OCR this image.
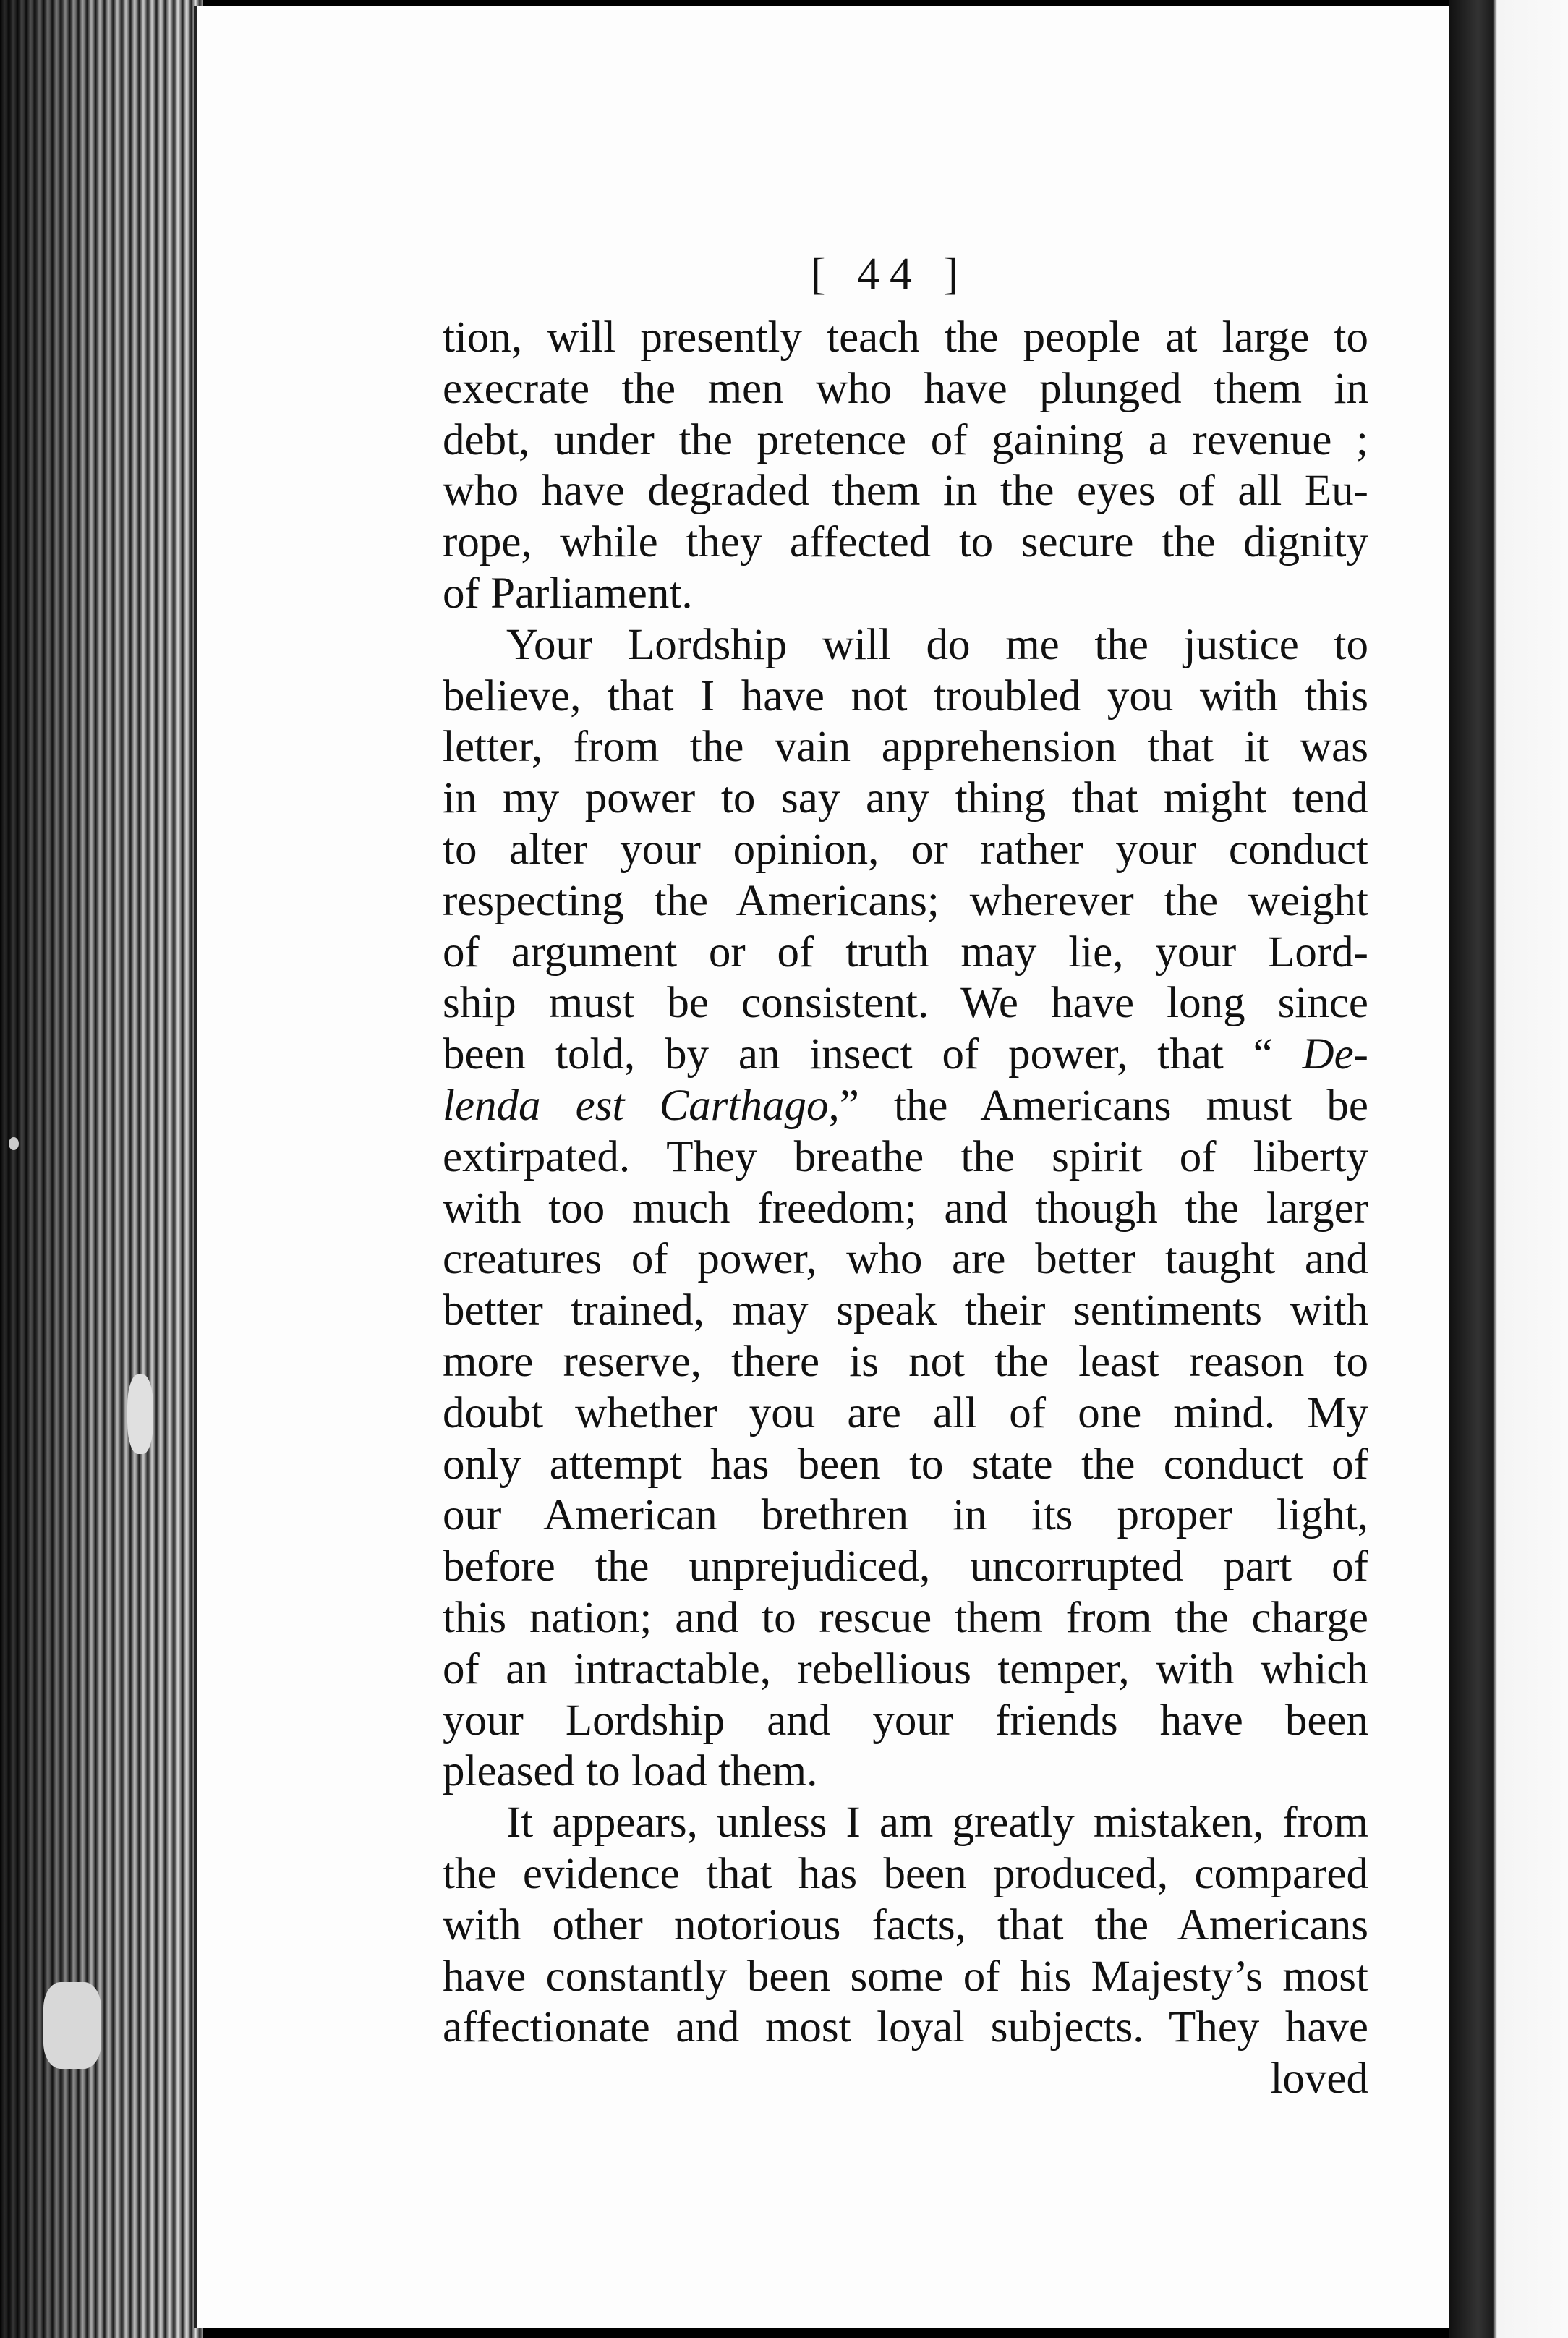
[ 44 ]
tion, will presently teach the people at large to
execrate the men who have plunged them in
debt, under the pretence of gaining a revenue ;
who have degraded them in the eyes of all Eu-
rope, while they affected to secure the dignity
of Parliament.
Your Lordship will do me the justice to
believe, that I have not troubled you with this
letter, from the vain apprehension that it was
in my power to say any thing that might tend
to alter your opinion, or rather your conduct
respecting the Americans; wherever the weight
of argument or of truth may lie, your Lord-
ship must be consistent. We have long since
been told, by an insect of power, that “ De-
lenda est Carthago,” the Americans must be
extirpated. They breathe the spirit of liberty
with too much freedom; and though the larger
creatures of power, who are better taught and
better trained, may speak their sentiments with
more reserve, there is not the least reason to
doubt whether you are all of one mind. My
only attempt has been to state the conduct of
our American brethren in its proper light,
before the unprejudiced, uncorrupted part of
this nation; and to rescue them from the charge
of an intractable, rebellious temper, with which
your Lordship and your friends have been
pleased to load them.
It appears, unless I am greatly mistaken, from
the evidence that has been produced, compared
with other notorious facts, that the Americans
have constantly been some of his Majesty’s most
affectionate and most loyal subjects. They have
loved
